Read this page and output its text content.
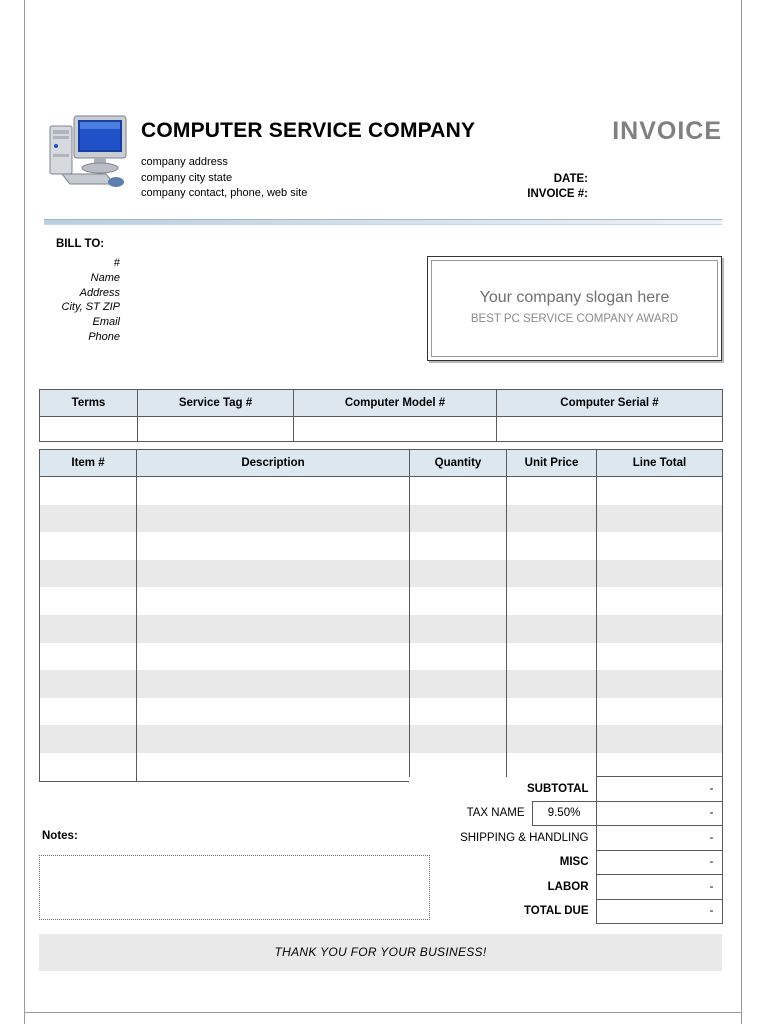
COMPUTER SERVICE COMPANY	INVOICE
company address
company city state
company contact, phone, web site
DATE:
INVOICE #:
BILL TO:
#
Name
Address
City, ST ZIP
Email
Phone
Your company slogan here
BEST PC SERVICE COMPANY AWARD
Terms	Service Tag #	Computer Model #	Computer Serial #

Item #	Description	Quantity	Unit Price	Line Total

SUBTOTAL		-
TAX NAME	9.50%	-
SHIPPING & HANDLING		-
MISC		-
LABOR		-
TOTAL DUE		-
Notes:
THANK YOU FOR YOUR BUSINESS!
